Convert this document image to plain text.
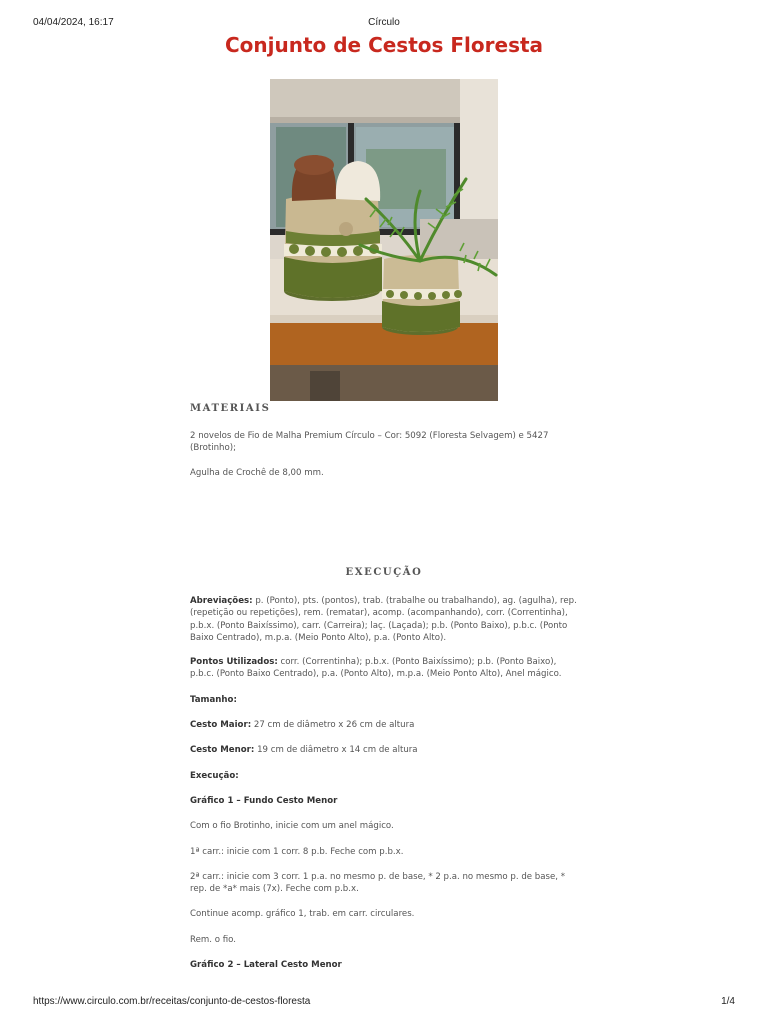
04/04/2024, 16:17	Círculo
Conjunto de Cestos Floresta
MATERIAIS

2 novelos de Fio de Malha Premium Círculo – Cor: 5092 (Floresta Selvagem) e 5427 (Brotinho);

Agulha de Crochê de 8,00 mm.

EXECUÇÃO

Abreviações: p. (Ponto), pts. (pontos), trab. (trabalhe ou trabalhando), ag. (agulha), rep. (repetição ou repetições), rem. (rematar), acomp. (acompanhando), corr. (Correntinha), p.b.x. (Ponto Baixíssimo), carr. (Carreira); laç. (Laçada); p.b. (Ponto Baixo), p.b.c. (Ponto Baixo Centrado), m.p.a. (Meio Ponto Alto), p.a. (Ponto Alto).

Pontos Utilizados: corr. (Correntinha); p.b.x. (Ponto Baixíssimo); p.b. (Ponto Baixo), p.b.c. (Ponto Baixo Centrado), p.a. (Ponto Alto), m.p.a. (Meio Ponto Alto), Anel mágico.

Tamanho:

Cesto Maior: 27 cm de diâmetro x 26 cm de altura

Cesto Menor: 19 cm de diâmetro x 14 cm de altura

Execução:

Gráfico 1 – Fundo Cesto Menor

Com o fio Brotinho, inicie com um anel mágico.

1ª carr.: inicie com 1 corr. 8 p.b. Feche com p.b.x.

2ª carr.: inicie com 3 corr. 1 p.a. no mesmo p. de base, * 2 p.a. no mesmo p. de base, * rep. de *a* mais (7x). Feche com p.b.x.

Continue acomp. gráfico 1, trab. em carr. circulares.

Rem. o fio.

Gráfico 2 – Lateral Cesto Menor

https://www.circulo.com.br/receitas/conjunto-de-cestos-floresta	1/4
